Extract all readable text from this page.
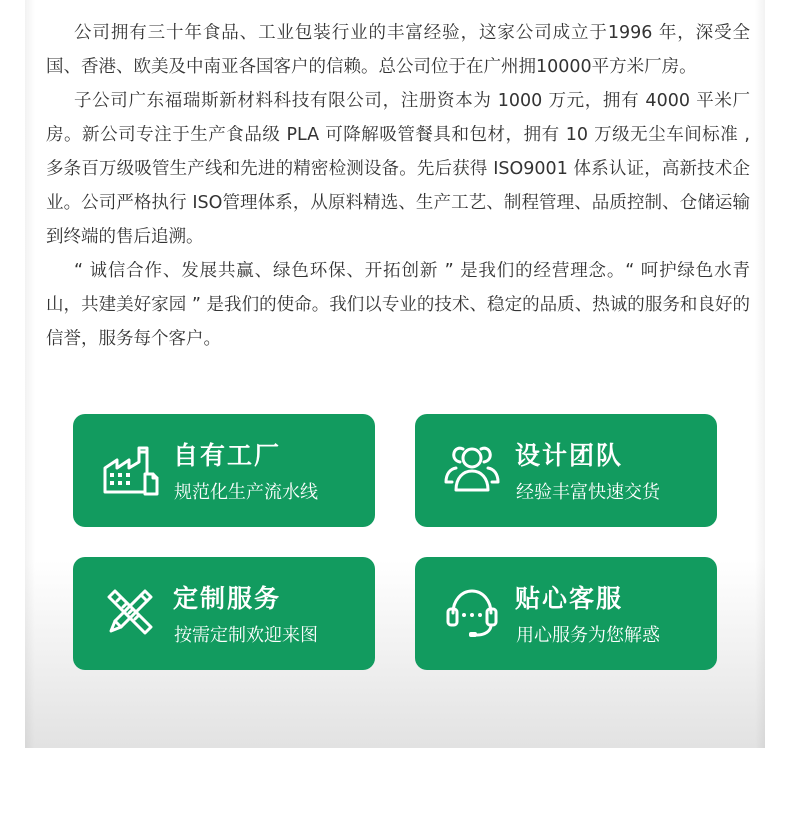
公司拥有三十年食品、工业包装行业的丰富经验，这家公司成立于1996 年，深受全国、香港、欧美及中南亚各国客户的信赖。总公司位于在广州拥10000平方米厂房。

子公司广东福瑞斯新材料科技有限公司，注册资本为 1000 万元，拥有 4000 平米厂房。新公司专注于生产食品级 PLA 可降解吸管餐具和包材，拥有 10 万级无尘车间标准 , 多条百万级吸管生产线和先进的精密检测设备。先后获得 ISO9001 体系认证，高新技术企业。公司严格执行 ISO管理体系，从原料精选、生产工艺、制程管理、品质控制、仓储运输到终端的售后追溯。

“ 诚信合作、发展共赢、绿色环保、开拓创新 ” 是我们的经营理念。“ 呵护绿色水青山，共建美好家园 ” 是我们的使命。我们以专业的技术、稳定的品质、热诚的服务和良好的信誉，服务每个客户。

自有工厂
规范化生产流水线
设计团队
经验丰富快速交货
定制服务
按需定制欢迎来图
贴心客服
用心服务为您解惑
